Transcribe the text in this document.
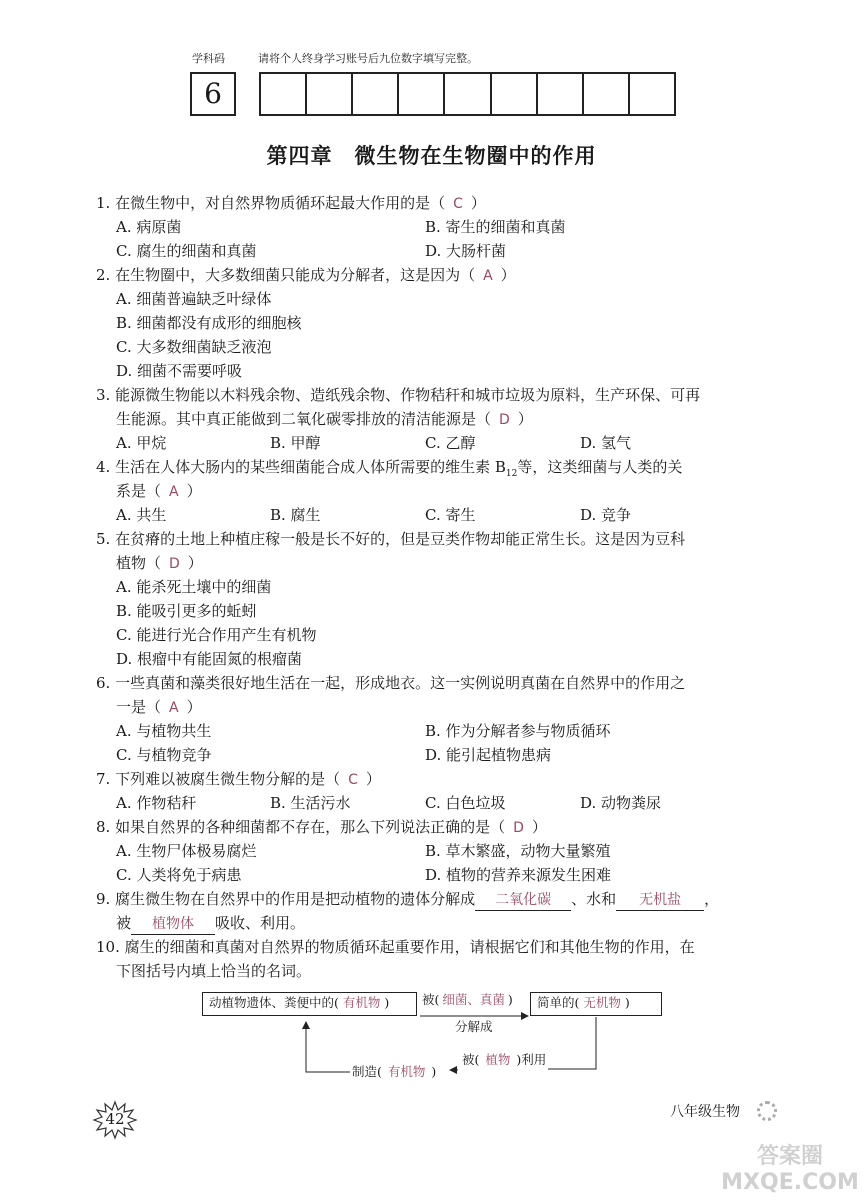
学科码	请将个人终身学习账号后九位数字填写完整。
6
第四章　微生物在生物圈中的作用
1. 在微生物中，对自然界物质循环起最大作用的是（ C ）
A. 病原菌	B. 寄生的细菌和真菌
C. 腐生的细菌和真菌	D. 大肠杆菌
2. 在生物圈中，大多数细菌只能成为分解者，这是因为（ A ）
A. 细菌普遍缺乏叶绿体
B. 细菌都没有成形的细胞核
C. 大多数细菌缺乏液泡
D. 细菌不需要呼吸
3. 能源微生物能以木料残余物、造纸残余物、作物秸秆和城市垃圾为原料，生产环保、可再
生能源。其中真正能做到二氧化碳零排放的清洁能源是（ D ）
A. 甲烷	B. 甲醇	C. 乙醇	D. 氢气
4. 生活在人体大肠内的某些细菌能合成人体所需要的维生素 $B_{12}$等，这类细菌与人类的关
系是（ A ）
A. 共生	B. 腐生	C. 寄生	D. 竞争
5. 在贫瘠的土地上种植庄稼一般是长不好的，但是豆类作物却能正常生长。这是因为豆科
植物（ D ）
A. 能杀死土壤中的细菌
B. 能吸引更多的蚯蚓
C. 能进行光合作用产生有机物
D. 根瘤中有能固氮的根瘤菌
6. 一些真菌和藻类很好地生活在一起，形成地衣。这一实例说明真菌在自然界中的作用之
一是（ A ）
A. 与植物共生	B. 作为分解者参与物质循环
C. 与植物竞争	D. 能引起植物患病
7. 下列难以被腐生微生物分解的是（ C ）
A. 作物秸秆	B. 生活污水	C. 白色垃圾	D. 动物粪尿
8. 如果自然界的各种细菌都不存在，那么下列说法正确的是（ D ）
A. 生物尸体极易腐烂	B. 草木繁盛，动物大量繁殖
C. 人类将免于病患	D. 植物的营养来源发生困难
9. 腐生微生物在自然界中的作用是把动植物的遗体分解成 二氧化碳 、水和 无机盐 ，
被 植物体 吸收、利用。
10. 腐生的细菌和真菌对自然界的物质循环起重要作用，请根据它们和其他生物的作用，在
下图括号内填上恰当的名词。
动植物遗体、粪便中的( 有机物 )	简单的( 无机物 )
被( 细菌、真菌 )
分解成
被( 植物 )利用
制造( 有机物 )
42	八年级生物
答案圈 MXQE.COM
